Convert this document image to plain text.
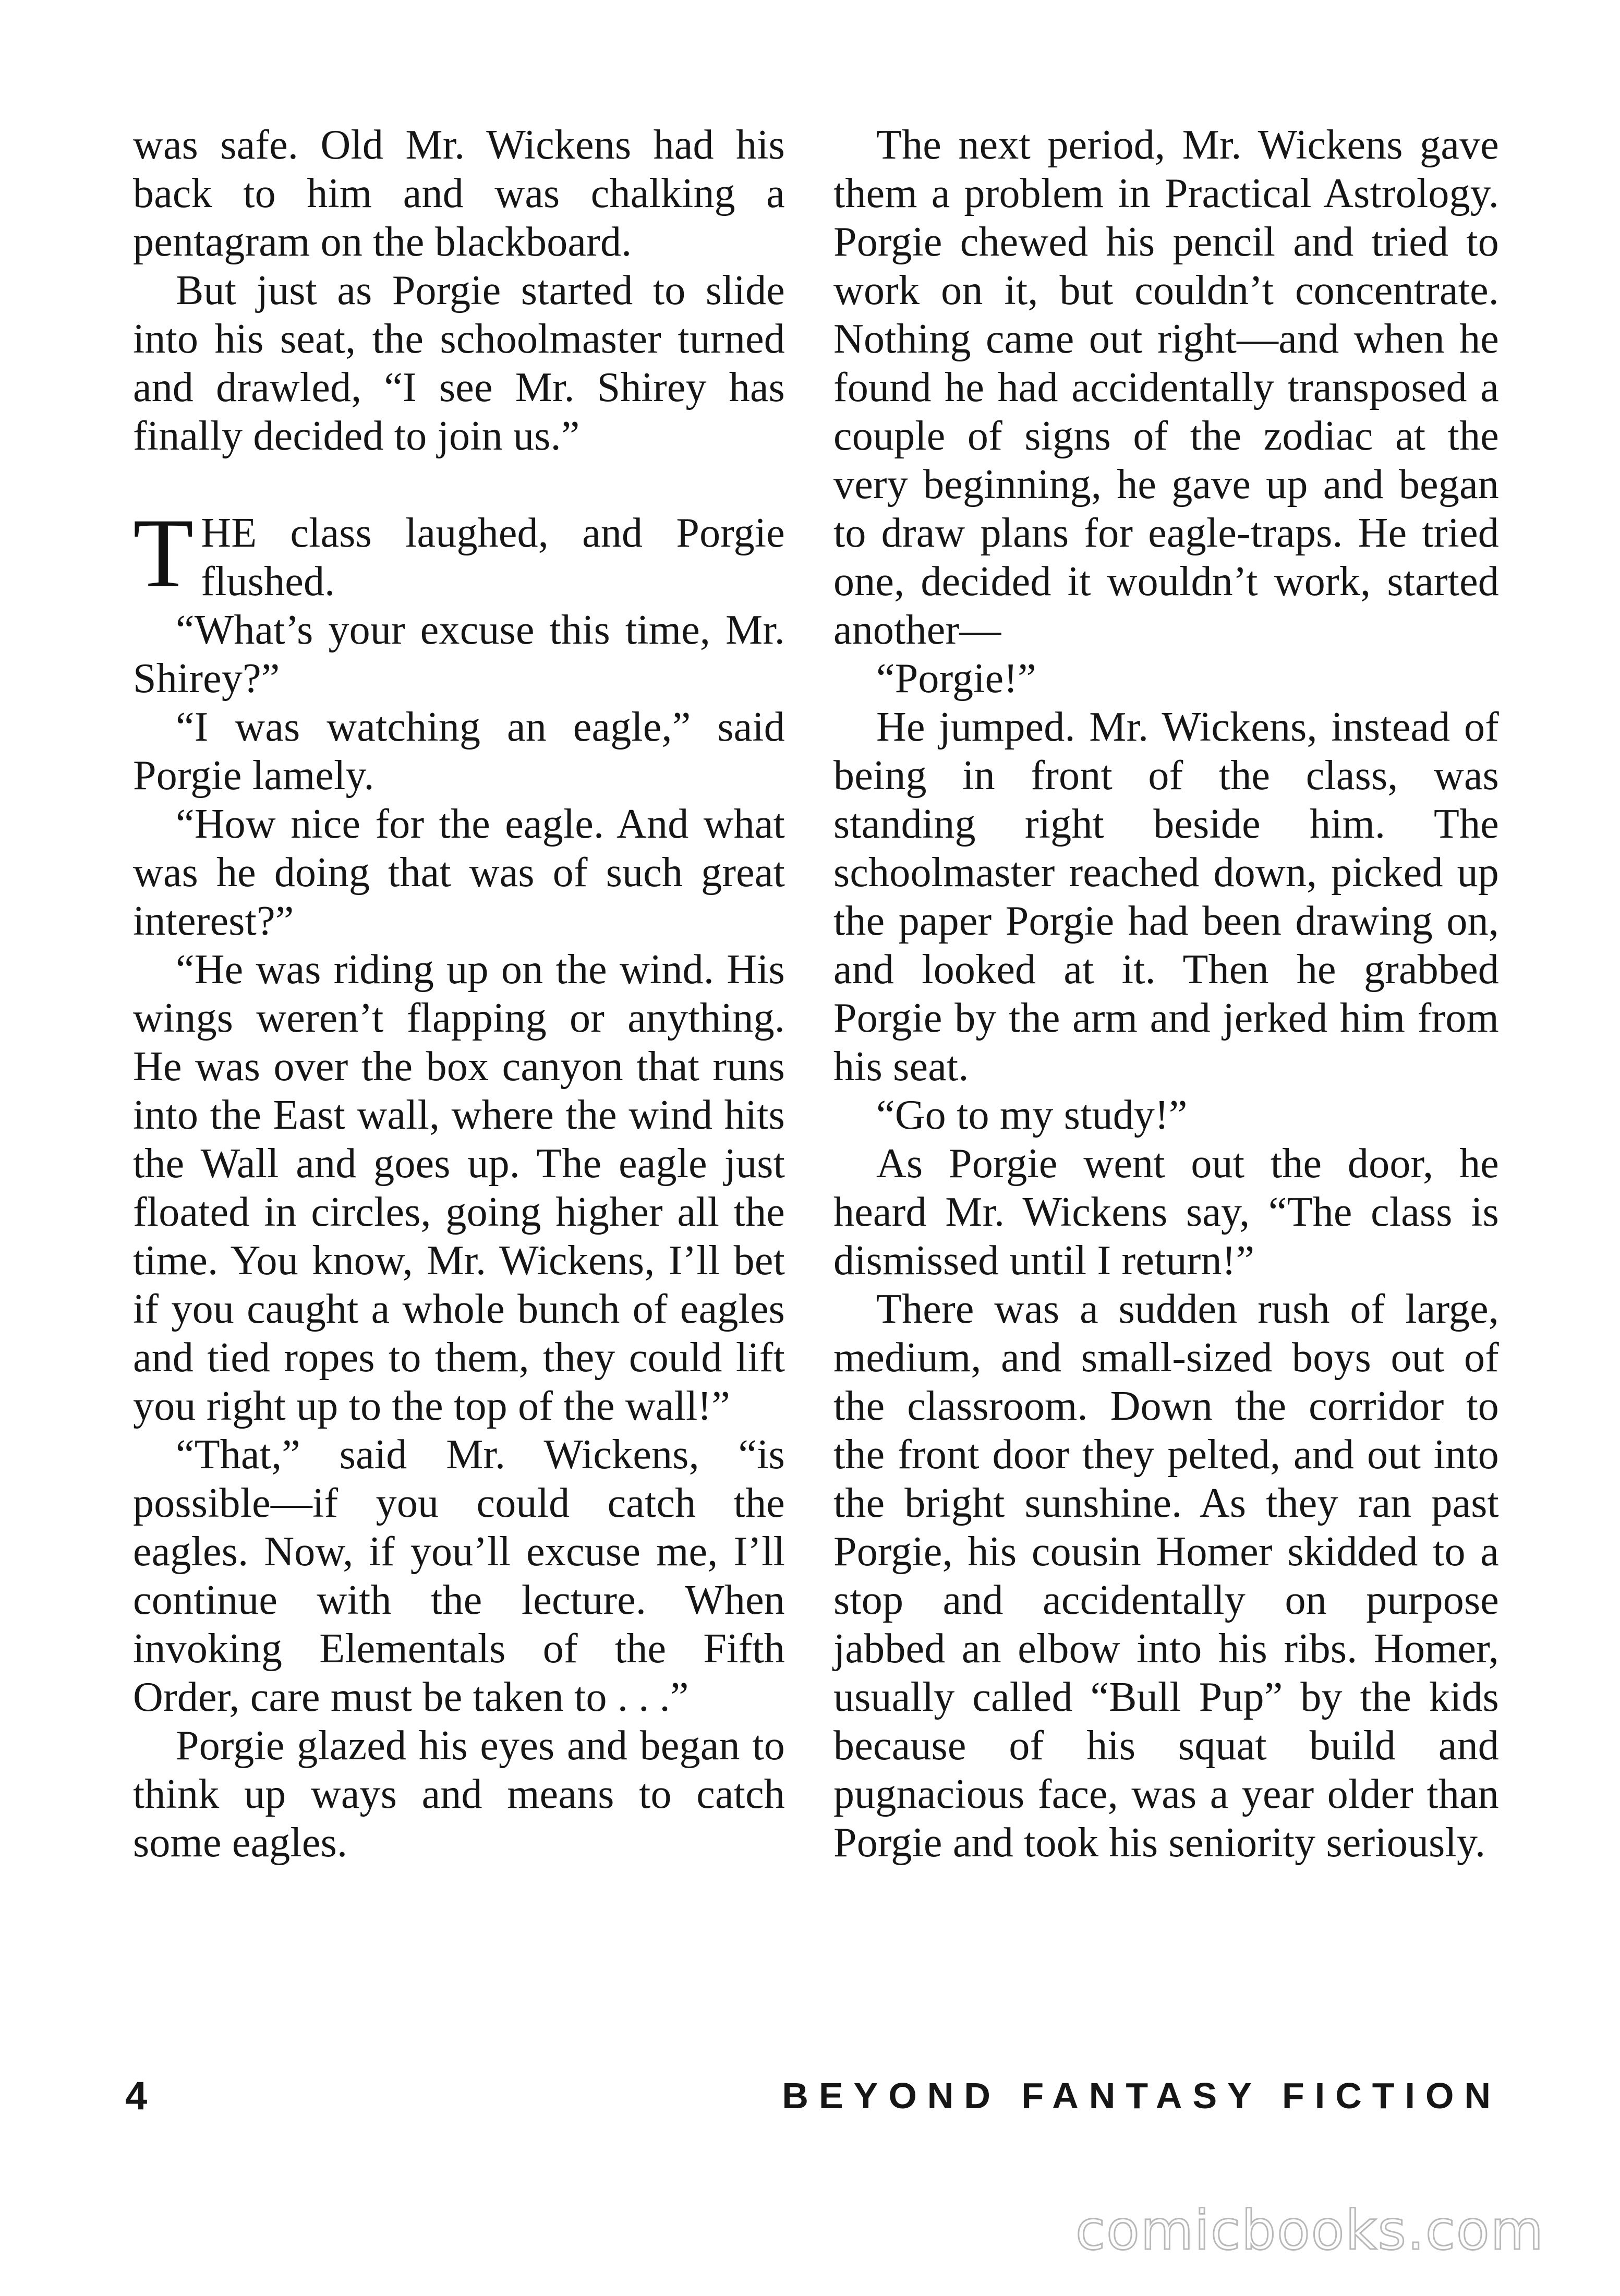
was safe. Old Mr. Wickens had his back to him and was chalking a pentagram on the blackboard.

But just as Porgie started to slide into his seat, the schoolmaster turned and drawled, “I see Mr. Shirey has finally decided to join us.”

THE class laughed, and Porgie flushed.

“What’s your excuse this time, Mr. Shirey?”

“I was watching an eagle,” said Porgie lamely.

“How nice for the eagle. And what was he doing that was of such great interest?”

“He was riding up on the wind. His wings weren’t flapping or anything. He was over the box canyon that runs into the East wall, where the wind hits the Wall and goes up. The eagle just floated in circles, going higher all the time. You know, Mr. Wickens, I’ll bet if you caught a whole bunch of eagles and tied ropes to them, they could lift you right up to the top of the wall!”

“That,” said Mr. Wickens, “is possible—if you could catch the eagles. Now, if you’ll excuse me, I’ll continue with the lecture. When invoking Elementals of the Fifth Order, care must be taken to . . .”

Porgie glazed his eyes and began to think up ways and means to catch some eagles.

The next period, Mr. Wickens gave them a problem in Practical Astrology. Porgie chewed his pencil and tried to work on it, but couldn’t concentrate. Nothing came out right—and when he found he had accidentally transposed a couple of signs of the zodiac at the very beginning, he gave up and began to draw plans for eagle-traps. He tried one, decided it wouldn’t work, started another—

“Porgie!”

He jumped. Mr. Wickens, instead of being in front of the class, was standing right beside him. The schoolmaster reached down, picked up the paper Porgie had been drawing on, and looked at it. Then he grabbed Porgie by the arm and jerked him from his seat.

“Go to my study!”

As Porgie went out the door, he heard Mr. Wickens say, “The class is dismissed until I return!”

There was a sudden rush of large, medium, and small-sized boys out of the classroom. Down the corridor to the front door they pelted, and out into the bright sunshine. As they ran past Porgie, his cousin Homer skidded to a stop and accidentally on purpose jabbed an elbow into his ribs. Homer, usually called “Bull Pup” by the kids because of his squat build and pugnacious face, was a year older than Porgie and took his seniority seriously.

4	BEYOND FANTASY FICTION
comicbooks.com
